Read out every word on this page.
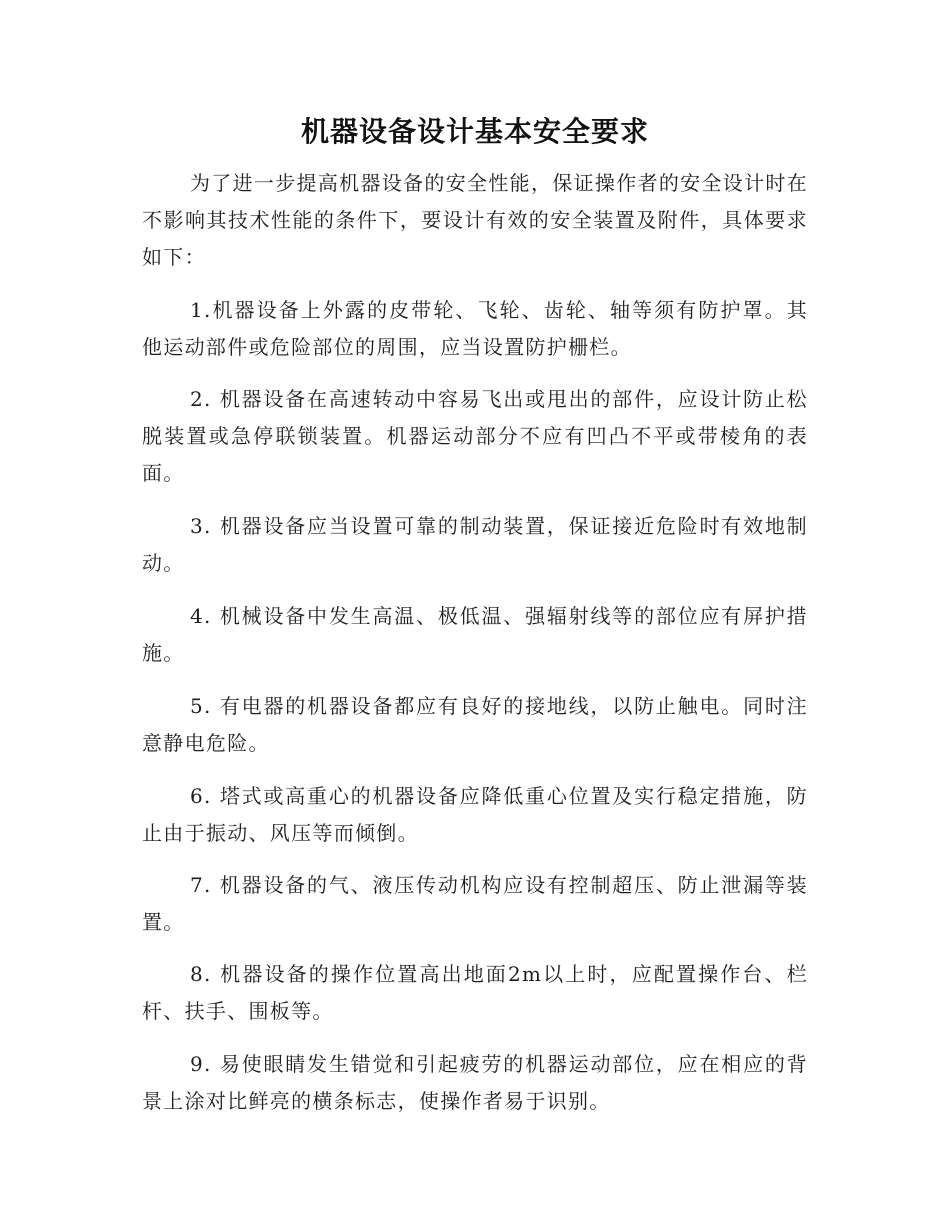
机器设备设计基本安全要求

为了进一步提高机器设备的安全性能，保证操作者的安全设计时在不影响其技术性能的条件下，要设计有效的安全装置及附件，具体要求如下：

1.机器设备上外露的皮带轮、飞轮、齿轮、轴等须有防护罩。其他运动部件或危险部位的周围，应当设置防护栅栏。

2. 机器设备在高速转动中容易飞出或甩出的部件，应设计防止松脱装置或急停联锁装置。机器运动部分不应有凹凸不平或带棱角的表面。

3. 机器设备应当设置可靠的制动装置，保证接近危险时有效地制动。

4. 机械设备中发生高温、极低温、强辐射线等的部位应有屏护措施。

5. 有电器的机器设备都应有良好的接地线，以防止触电。同时注意静电危险。

6. 塔式或高重心的机器设备应降低重心位置及实行稳定措施，防止由于振动、风压等而倾倒。

7. 机器设备的气、液压传动机构应设有控制超压、防止泄漏等装置。

8. 机器设备的操作位置高出地面2m以上时，应配置操作台、栏杆、扶手、围板等。

9. 易使眼睛发生错觉和引起疲劳的机器运动部位，应在相应的背景上涂对比鲜亮的横条标志，使操作者易于识别。
